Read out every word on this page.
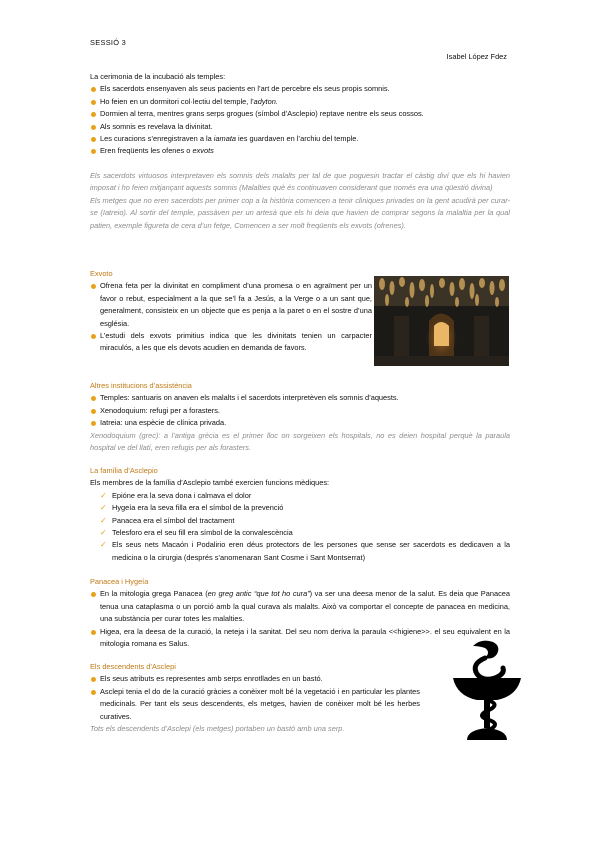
SESSIÓ 3
Isabel López Fdez

La cerimonia de la incubació als temples:

Els sacerdots ensenyaven als seus pacients en l’art de percebre els seus propis somnis.
Ho feien en un dormitori col·lectiu del temple, l’adyton.
Dormien al terra, mentres grans serps grogues (símbol d’Asclepio) reptave nentre els seus cossos.
Als somnis es revelava la divinitat.
Les curacions s’enregistraven a la iamata ies guardaven en l’archiu del temple.
Eren freqüents les ofenes o exvots

Els sacerdots virtuosos interpretaven els somnis dels malalts per tal de que poguesin tractar el càstig diví que els hi havien imposat i ho feien mitjançant aquests somnis (Malalties què és continuaven considerant que només era una qüestió divina)

Els metges que no eren sacerdots per primer cop a la història comencen a tenir cliniques privades on la gent acudirà per curar-se (Iatreio). Al sortir del temple, passàven per un artesà que els hi deia que havien de comprar segons la malaltia per la qual patien, exemple figureta de cera d’un fetge, Comencen a ser molt freqüents els exvots (ofrenes).

Exvoto

Ofrena feta per la divinitat en compliment d’una promesa o en agraïment per un favor o rebut, especialment a la que se’l fa a Jesús, a la Verge o a un sant que, generalment, consisteix en un objecte que es penja a la paret o en el sostre d’una església.
L’estudi dels exvots primitius indica que les divinitats tenien un carpacter miraculós, a les que els devots acudien en demanda de favors.

Altres institucions d’assistència

Temples: santuaris on anaven els malalts i el sacerdots interpretèven els somnis d’aquests.
Xenodoquium: refugi per a forasters.
Iatreia: una espècie de clínica privada.

Xenodoquium (grec): a l’antiga grècia es el primer lloc on sorgeixen els hospitals, no es deien hospital perquè la paraula hospital ve del llatí, eren refugis per als forasters.

La família d’Asclepio

Els membres de la família d’Asclepio també exercien funcions mèdiques:

✓ Epióne era la seva dona i calmava el dolor
✓ Hygeía era la seva filla era el símbol de la prevenció
✓ Panacea era el símbol del tractament
✓ Telesforo era el seu fill era símbol de la convalescència
✓ Els seus nets Macaón i Podalirio eren déus protectors de les persones que sense ser sacerdots es dedicaven a la medicina o la cirurgia (després s’anomenaran Sant Cosme i Sant Montserrat)

Panacea i Hygeía

En la mitologia grega Panacea (en greg antic “que tot ho cura”) va ser una deesa menor de la salut. Es deia que Panacea tenua una cataplasma o un porció amb la qual curava als malalts. Això va comportar el concepte de panacea en medicina, una substància per curar totes les malalties.
Higea, era la deesa de la curació, la neteja i la sanitat. Del seu nom deriva la paraula <<higiene>>. el seu equivalent en la mitologia romana es Salus.

Els descendents d’Asclepi

Els seus atributs es representes amb serps enrotllades en un bastó.
Asclepi tenia el do de la curació gràcies a conèixer molt bé la vegetació i en particular les plantes medicinals. Per tant els seus descendents, els metges, havien de conèixer molt bé les herbes curatives.

Tots els descendents d’Asclepi (els metges) portaben un bastó amb una serp.
